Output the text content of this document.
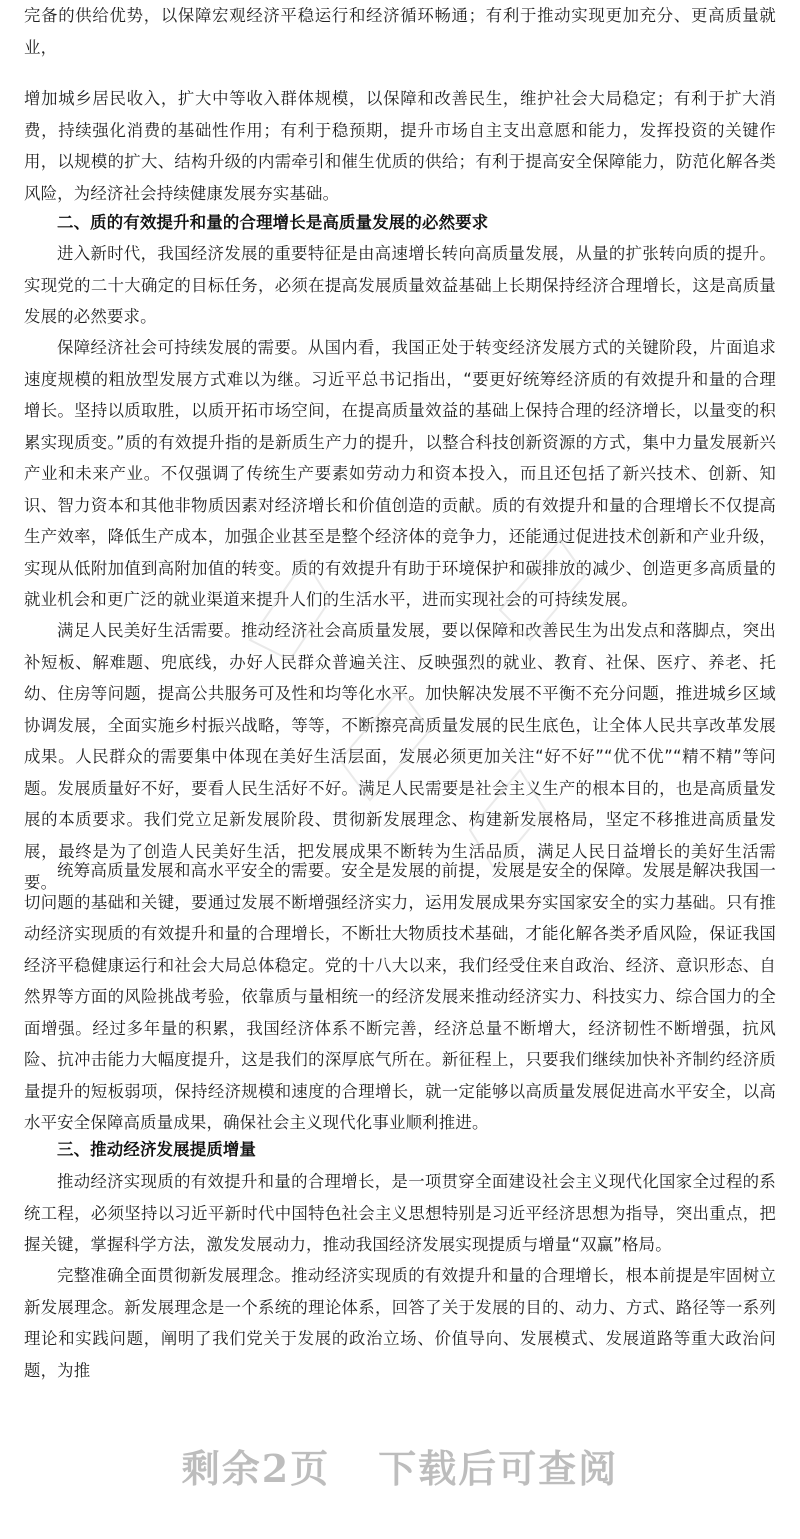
完备的供给优势，以保障宏观经济平稳运行和经济循环畅通；有利于推动实现更加充分、更高质量就业，

增加城乡居民收入，扩大中等收入群体规模，以保障和改善民生，维护社会大局稳定；有利于扩大消费，持续强化消费的基础性作用；有利于稳预期，提升市场自主支出意愿和能力，发挥投资的关键作用，以规模的扩大、结构升级的内需牵引和催生优质的供给；有利于提高安全保障能力，防范化解各类风险，为经济社会持续健康发展夯实基础。

二、质的有效提升和量的合理增长是高质量发展的必然要求

进入新时代，我国经济发展的重要特征是由高速增长转向高质量发展，从量的扩张转向质的提升。实现党的二十大确定的目标任务，必须在提高发展质量效益基础上长期保持经济合理增长，这是高质量发展的必然要求。

保障经济社会可持续发展的需要。从国内看，我国正处于转变经济发展方式的关键阶段，片面追求速度规模的粗放型发展方式难以为继。习近平总书记指出，“要更好统筹经济质的有效提升和量的合理增长。坚持以质取胜，以质开拓市场空间，在提高质量效益的基础上保持合理的经济增长，以量变的积累实现质变。”质的有效提升指的是新质生产力的提升，以整合科技创新资源的方式，集中力量发展新兴产业和未来产业。不仅强调了传统生产要素如劳动力和资本投入，而且还包括了新兴技术、创新、知识、智力资本和其他非物质因素对经济增长和价值创造的贡献。质的有效提升和量的合理增长不仅提高生产效率，降低生产成本，加强企业甚至是整个经济体的竞争力，还能通过促进技术创新和产业升级，实现从低附加值到高附加值的转变。质的有效提升有助于环境保护和碳排放的减少、创造更多高质量的就业机会和更广泛的就业渠道来提升人们的生活水平，进而实现社会的可持续发展。

满足人民美好生活需要。推动经济社会高质量发展，要以保障和改善民生为出发点和落脚点，突出补短板、解难题、兜底线，办好人民群众普遍关注、反映强烈的就业、教育、社保、医疗、养老、托幼、住房等问题，提高公共服务可及性和均等化水平。加快解决发展不平衡不充分问题，推进城乡区域协调发展，全面实施乡村振兴战略，等等，不断擦亮高质量发展的民生底色，让全体人民共享改革发展成果。人民群众的需要集中体现在美好生活层面，发展必须更加关注“好不好”“优不优”“精不精”等问题。发展质量好不好，要看人民生活好不好。满足人民需要是社会主义生产的根本目的，也是高质量发展的本质要求。我们党立足新发展阶段、贯彻新发展理念、构建新发展格局，坚定不移推进高质量发展，最终是为了创造人民美好生活，把发展成果不断转为生活品质，满足人民日益增长的美好生活需要。

统筹高质量发展和高水平安全的需要。安全是发展的前提，发展是安全的保障。发展是解决我国一切问题的基础和关键，要通过发展不断增强经济实力，运用发展成果夯实国家安全的实力基础。只有推动经济实现质的有效提升和量的合理增长，不断壮大物质技术基础，才能化解各类矛盾风险，保证我国经济平稳健康运行和社会大局总体稳定。党的十八大以来，我们经受住来自政治、经济、意识形态、自然界等方面的风险挑战考验，依靠质与量相统一的经济发展来推动经济实力、科技实力、综合国力的全面增强。经过多年量的积累，我国经济体系不断完善，经济总量不断增大，经济韧性不断增强，抗风险、抗冲击能力大幅度提升，这是我们的深厚底气所在。新征程上，只要我们继续加快补齐制约经济质量提升的短板弱项，保持经济规模和速度的合理增长，就一定能够以高质量发展促进高水平安全，以高水平安全保障高质量成果，确保社会主义现代化事业顺利推进。

三、推动经济发展提质增量

推动经济实现质的有效提升和量的合理增长，是一项贯穿全面建设社会主义现代化国家全过程的系统工程，必须坚持以习近平新时代中国特色社会主义思想特别是习近平经济思想为指导，突出重点，把握关键，掌握科学方法，激发发展动力，推动我国经济发展实现提质与增量“双赢”格局。

完整准确全面贯彻新发展理念。推动经济实现质的有效提升和量的合理增长，根本前提是牢固树立新发展理念。新发展理念是一个系统的理论体系，回答了关于发展的目的、动力、方式、路径等一系列理论和实践问题，阐明了我们党关于发展的政治立场、价值导向、发展模式、发展道路等重大政治问题，为推

剩余2页 下载后可查阅
